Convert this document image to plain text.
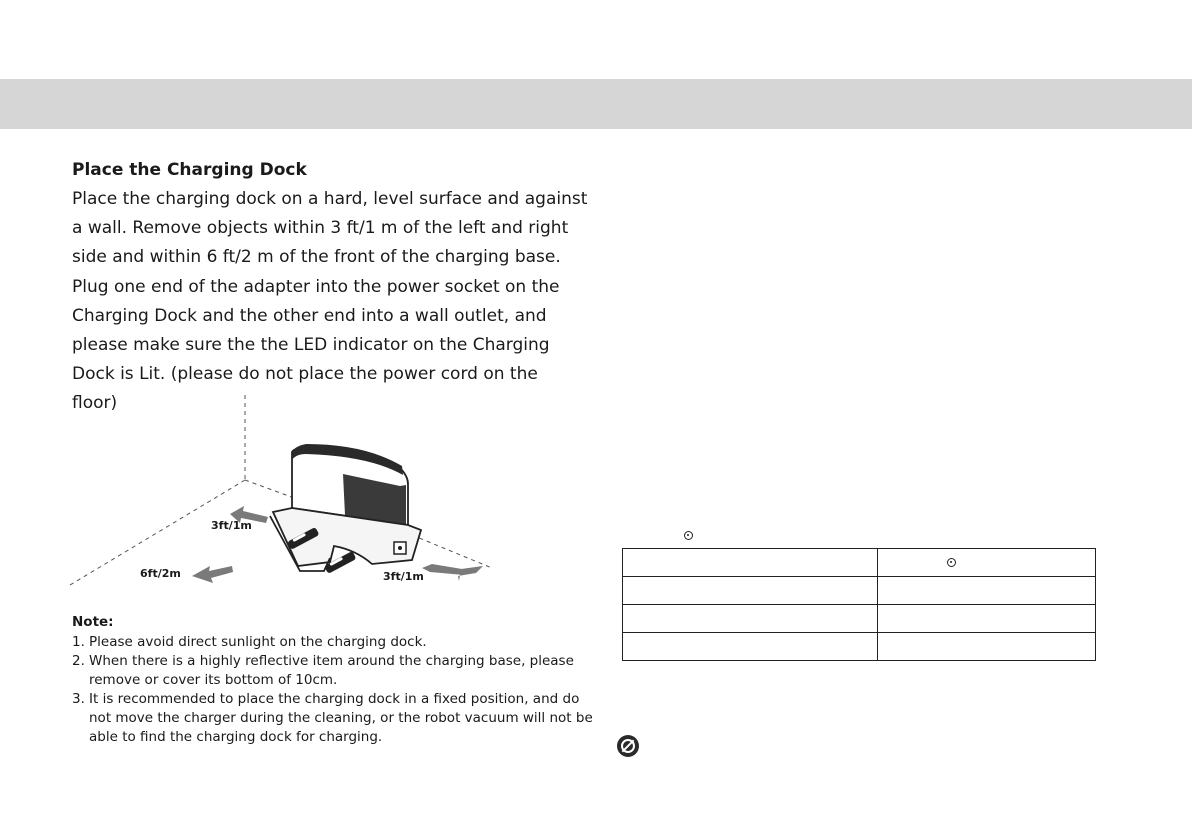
Place the Charging Dock
Place the charging dock on a hard, level surface and against
a wall. Remove objects within 3 ft/1 m of the left and right
side and within 6 ft/2 m of the front of the charging base.
Plug one end of the adapter into the power socket on the
Charging Dock and the other end into a wall outlet, and
please make sure the the LED indicator on the Charging
Dock is Lit. (please do not place the power cord on the
floor)
3ft/1m
6ft/2m	3ft/1m
Note:
1. Please avoid direct sunlight on the charging dock.
2. When there is a highly reflective item around the charging base, please remove or cover its bottom of 10cm.
3. It is recommended to place the charging dock in a fixed position, and do not move the charger during the cleaning, or the robot vacuum will not be able to find the charging dock for charging.
